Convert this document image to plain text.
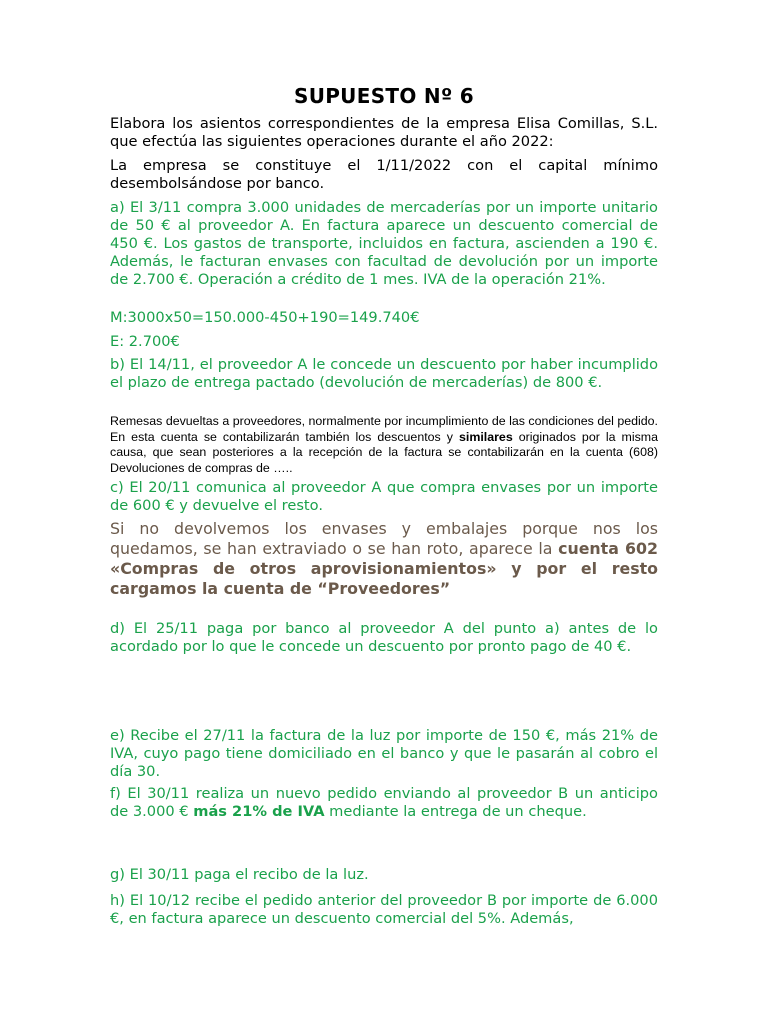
SUPUESTO Nº 6

Elabora los asientos correspondientes de la empresa Elisa Comillas, S.L. que efectúa las siguientes operaciones durante el año 2022:

La empresa se constituye el 1/11/2022 con el capital mínimo desembolsándose por banco.

a) El 3/11 compra 3.000 unidades de mercaderías por un importe unitario de 50 € al proveedor A. En factura aparece un descuento comercial de 450 €. Los gastos de transporte, incluidos en factura, ascienden a 190 €. Además, le facturan envases con facultad de devolución por un importe de 2.700 €. Operación a crédito de 1 mes. IVA de la operación 21%.

M:3000x50=150.000-450+190=149.740€

E: 2.700€

b) El 14/11, el proveedor A le concede un descuento por haber incumplido el plazo de entrega pactado (devolución de mercaderías) de 800 €.

Remesas devueltas a proveedores, normalmente por incumplimiento de las condiciones del pedido. En esta cuenta se contabilizarán también los descuentos y similares originados por la misma causa, que sean posteriores a la recepción de la factura se contabilizarán en la cuenta (608) Devoluciones de compras de …..

c) El 20/11 comunica al proveedor A que compra envases por un importe de 600 € y devuelve el resto.

Si no devolvemos los envases y embalajes porque nos los quedamos, se han extraviado o se han roto, aparece la cuenta 602 «Compras de otros aprovisionamientos» y por el resto cargamos la cuenta de “Proveedores”

d) El 25/11 paga por banco al proveedor A del punto a) antes de lo acordado por lo que le concede un descuento por pronto pago de 40 €.

e) Recibe el 27/11 la factura de la luz por importe de 150 €, más 21% de IVA, cuyo pago tiene domiciliado en el banco y que le pasarán al cobro el día 30.

f) El 30/11 realiza un nuevo pedido enviando al proveedor B un anticipo de 3.000 € más 21% de IVA mediante la entrega de un cheque.

g) El 30/11 paga el recibo de la luz.

h) El 10/12 recibe el pedido anterior del proveedor B por importe de 6.000 €, en factura aparece un descuento comercial del 5%. Además,
